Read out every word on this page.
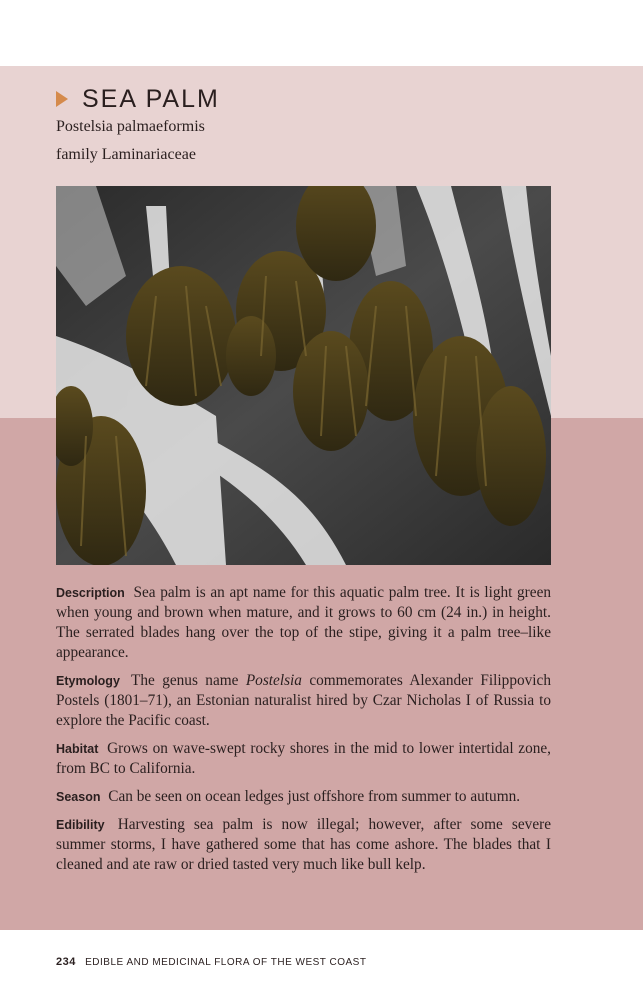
SEA PALM
Postelsia palmaeformis
family Laminariaceae

Description Sea palm is an apt name for this aquatic palm tree. It is light green when young and brown when mature, and it grows to 60 cm (24 in.) in height. The serrated blades hang over the top of the stipe, giving it a palm tree–like appearance.

Etymology The genus name Postelsia commemorates Alexander Filippovich Postels (1801–71), an Estonian naturalist hired by Czar Nicholas I of Russia to explore the Pacific coast.

Habitat Grows on wave-swept rocky shores in the mid to lower intertidal zone, from BC to California.

Season Can be seen on ocean ledges just offshore from summer to autumn.

Edibility Harvesting sea palm is now illegal; however, after some severe summer storms, I have gathered some that has come ashore. The blades that I cleaned and ate raw or dried tasted very much like bull kelp.

234 EDIBLE AND MEDICINAL FLORA OF THE WEST COAST
